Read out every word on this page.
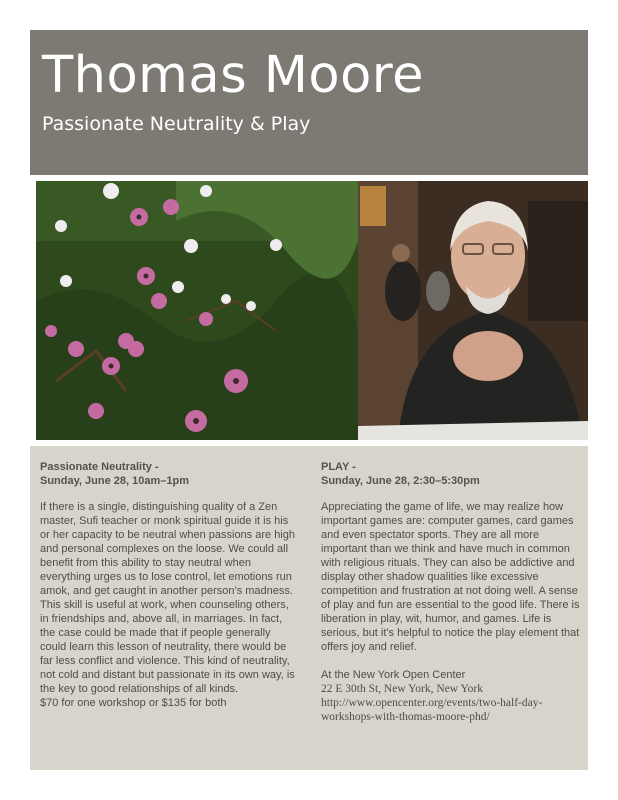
Thomas Moore
Passionate Neutrality & Play
Passionate Neutrality -
Sunday, June 28, 10am–1pm
If there is a single, distinguishing quality of a Zen master, Sufi teacher or monk spiritual guide it is his or her capacity to be neutral when passions are high and personal complexes on the loose. We could all benefit from this ability to stay neutral when everything urges us to lose control, let emotions run amok, and get caught in another person’s madness. This skill is useful at work, when counseling others, in friendships and, above all, in marriages. In fact, the case could be made that if people generally could learn this lesson of neutrality, there would be far less conflict and violence. This kind of neutrality, not cold and distant but passionate in its own way, is the key to good relationships of all kinds.
$70 for one workshop or $135 for both
PLAY -
Sunday, June 28, 2:30–5:30pm
Appreciating the game of life, we may realize how important games are: computer games, card games and even spectator sports. They are all more important than we think and have much in common with religious rituals. They can also be addictive and display other shadow qualities like excessive competition and frustration at not doing well. A sense of play and fun are essential to the good life. There is liberation in play, wit, humor, and games. Life is serious, but it's helpful to notice the play element that offers joy and relief.
At the New York Open Center
22 E 30th St, New York, New York
http://www.opencenter.org/events/two-half-day-workshops-with-thomas-moore-phd/
